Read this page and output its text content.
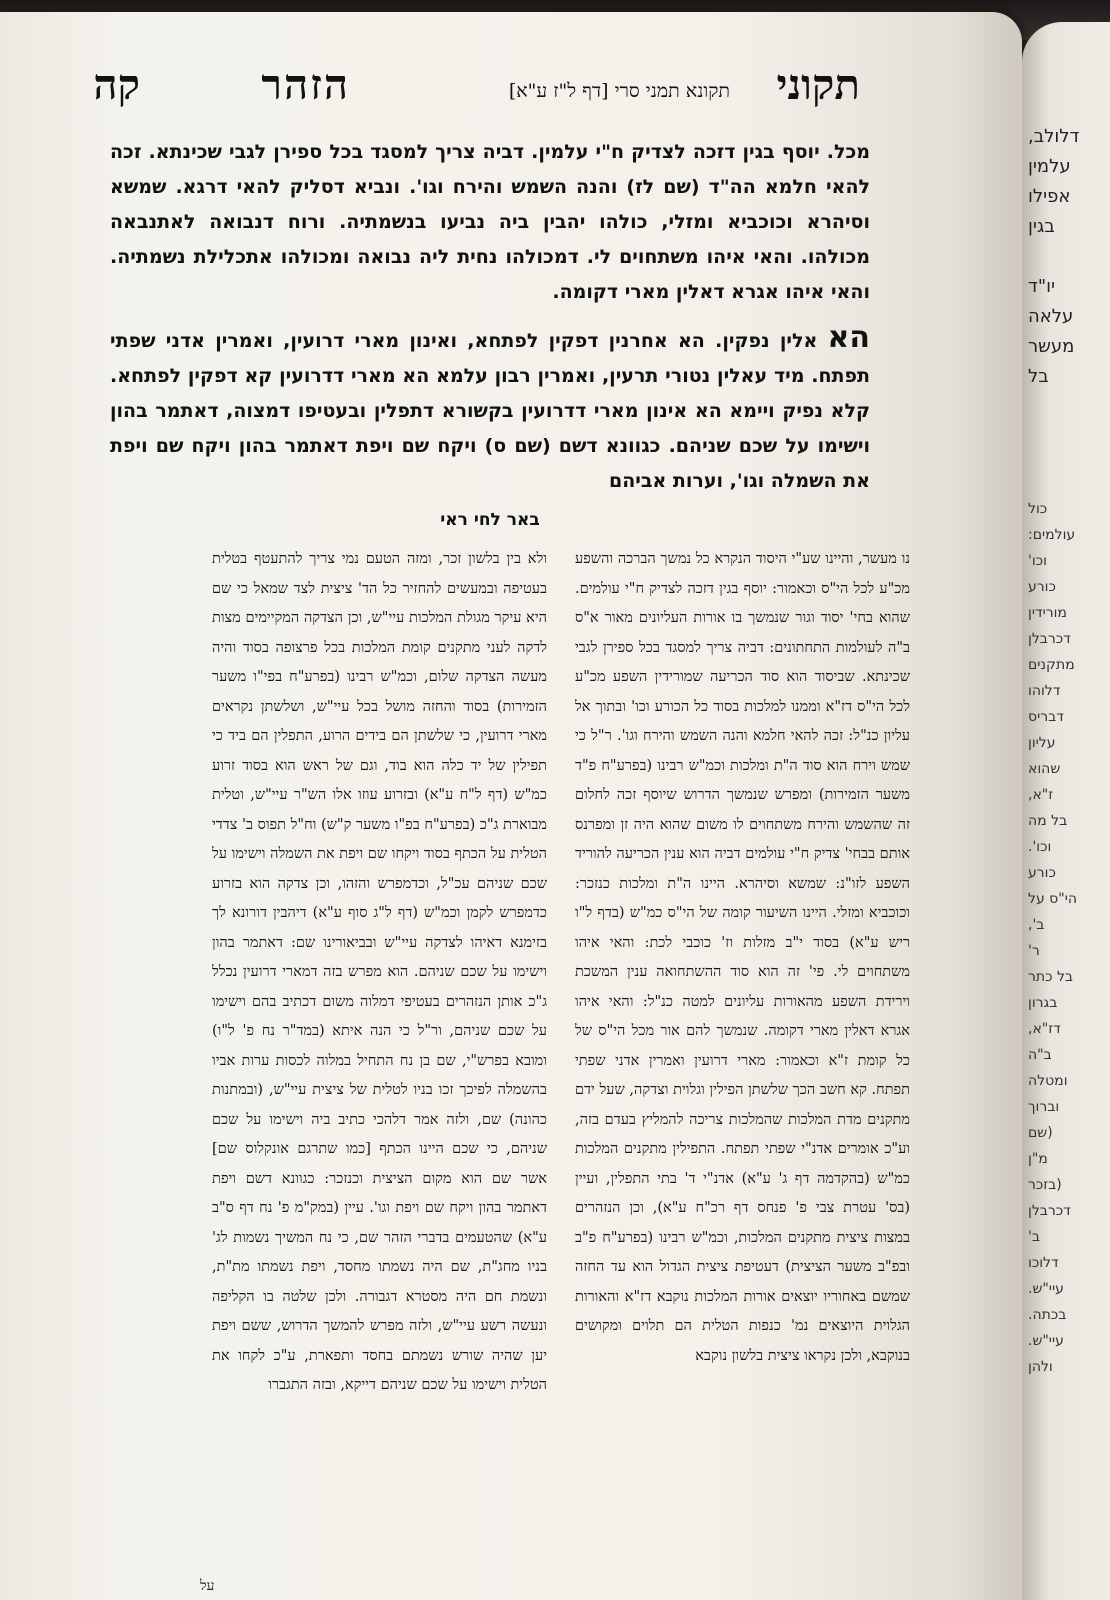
דלולב,
עלמין
אפילו
בגין
יו"ד
עלאה
מעשר
בל
כול
עולמים:
וכו'
כורע
מורידין
דכרבלן
מתקנים
דלוהו
דבריס
עליון
שהוא
ז"א,
בל מה
וכו'.
כורע
הי"ס על
ב',
ר'
בל כתר
בגרון
דז"א,
ב"ה
ומטלה
וברוך
(שם
מ"ן
(בזכר
דכרבלן
ב'
דלוכו
עיי"ש.
בכתה.
עיי"ש.
ולהן
תקוני
תקונא תמני סרי [דף ל"ז ע"א]
הזהר
קה

מכל. יוסף בגין דזכה לצדיק ח"י עלמין. דביה צריך למסגד בכל ספירן לגבי שכינתא. זכה להאי חלמא הה"ד (שם לז) והנה השמש והירח וגו'. ונביא דסליק להאי דרגא. שמשא וסיהרא וכוכביא ומזלי, כולהו יהבין ביה נביעו בנשמתיה. ורוח דנבואה לאתנבאה מכולהו. והאי איהו משתחוים לי. דמכולהו נחית ליה נבואה ומכולהו אתכלילת נשמתיה. והאי איהו אגרא דאלין מארי דקומה.

הא אלין נפקין. הא אחרנין דפקין לפתחא, ואינון מארי דרועין, ואמרין אדני שפתי תפתח. מיד עאלין נטורי תרעין, ואמרין רבון עלמא הא מארי דדרועין קא דפקין לפתחא. קלא נפיק ויימא הא אינון מארי דדרועין בקשורא דתפלין ובעטיפו דמצוה, דאתמר בהון וישימו על שכם שניהם. כגוונא דשם (שם ס) ויקח שם ויפת דאתמר בהון ויקח שם ויפת את השמלה וגו', וערות אביהם

באר לחי ראי

נו מעשר, והיינו שע"י היסוד הנקרא כל נמשך הברכה והשפע מכ"ע לכל הי"ס וכאמור: יוסף בגין דזכה לצדיק ח"י עולמים. שהוא בחי' יסוד וגור שנמשך בו אורות העליונים מאור א"ס ב"ה לעולמות התחתונים: דביה צריך למסגד בכל ספירן לגבי שכינתא. שביסוד הוא סוד הכריעה שמורידין השפע מכ"ע לכל הי"ס דז"א וממנו למלכות בסוד כל הכורע וכו' ובתוך אל עליון כנ"ל: זכה להאי חלמא והנה השמש והירח וגו'. ר"ל כי שמש וירח הוא סוד ה"ת ומלכות וכמ"ש רבינו (בפרע"ח פ"ד משער הזמירות) ומפרש שנמשך הדרוש שיוסף זכה לחלום זה שהשמש והירח משתחוים לו משום שהוא היה זן ומפרנס אותם בבחי' צדיק ח"י עולמים דביה הוא ענין הכריעה להוריד השפע לזו"נ: שמשא וסיהרא. היינו ה"ת ומלכות כנזכר: וכוכביא ומזלי. היינו השיעור קומה של הי"ס כמ"ש (בדף ל"ו ריש ע"א) בסוד י"ב מזלות וז' כוכבי לכת: והאי איהו משתחוים לי. פי' זה הוא סוד ההשתחואה ענין המשכת וירידת השפע מהאורות עליונים למטה כנ"ל: והאי איהו אגרא דאלין מארי דקומה. שנמשך להם אור מכל הי"ס של כל קומת ז"א וכאמור: מארי דרועין ואמרין אדני שפתי תפתח. קא חשב הכך שלשתן הפילין וגלוית וצדקה, שעל ידם מתקנים מדת המלכות שהמלכות צריכה להמליץ בעדם בזה, וע"כ אומרים אדנ"י שפתי תפתח. התפילין מתקנים המלכות כמ"ש (בהקדמה דף ג' ע"א) אדנ"י ד' בתי התפלין, ועיין (בס' עטרת צבי פ' פנחס דף רכ"ח ע"א), וכן הנזהרים במצות ציצית מתקנים המלכות, וכמ"ש רבינו (בפרע"ח פ"ב ובפ"ב משער הציצית) דעטיפת ציצית הגדול הוא עד החזה שמשם באחוריו יוצאים אורות המלכות נוקבא דז"א והאורות הגלוית היוצאים נמ' כנפות הטלית הם תלוים ומקושים בנוקבא, ולכן נקראו ציצית בלשון נוקבא

ולא בין בלשון זכר, ומזה הטעם נמי צריך להתעטף בטלית בעטיפה ובמעשים להחזיר כל הד' ציצית לצד שמאל כי שם היא עיקר מגולת המלכות עיי"ש, וכן הצדקה המקיימים מצות לדקה לעני מתקנים קומת המלכות בכל פרצופה בסוד והיה מעשה הצדקה שלום, וכמ"ש רבינו (בפרע"ח בפי"ו משער הזמירות) בסוד והחזה מושל בכל עיי"ש, ושלשתן נקראים מארי דרועין, כי שלשתן הם בידים הרוע, התפלין הם ביד כי תפילין של יד כלה הוא בוד, וגם של ראש הוא בסוד זרוע כמ"ש (דף ל"ח ע"א) ובזרוע עוזו אלו הש"ר עיי"ש, וטלית מבוארת ג"כ (בפרע"ח בפ"ו משער ק"ש) וח"ל תפוס ב' צדדי הטלית על הכתף בסוד ויקחו שם ויפת את השמלה וישימו על שכם שניהם עכ"ל, וכדמפרש והזהו, וכן צדקה הוא בזרוע כדמפרש לקמן וכמ"ש (דף ל"ג סוף ע"א) דיהבין דורונא לך בזימנא דאיהו לצדקה עיי"ש ובביאורינו שם: דאתמר בהון וישימו על שכם שניהם. הוא מפרש בזה דמארי דרועין נכלל ג"כ אותן הנזהרים בעטיפי דמלוה משום דכתיב בהם וישימו על שכם שניהם, ור"ל כי הנה איתא (במד"ר נח פ' ל"ו) ומובא בפרש"י, שם בן נח התחיל במלוה לכסות ערות אביו בהשמלה לפיכך זכו בניו לטלית של ציצית עיי"ש, (ובמתנות כהונה) שם, ולזה אמר דלהכי כתיב ביה וישימו על שכם שניהם, כי שכם היינו הכתף [כמו שתרגם אונקלוס שם] אשר שם הוא מקום הציצית וכנזכר: כגוונא דשם ויפת דאתמר בהון ויקח שם ויפת וגו'. עיין (במק"מ פ' נח דף ס"ב ע"א) שהטעמים בדברי הזהר שם, כי נח המשיך נשמות לג' בניו מחג"ת, שם היה נשמתו מחסד, ויפת נשמתו מת"ת, ונשמת חם היה מסטרא דגבורה. ולכן שלטה בו הקליפה ונעשה רשע עיי"ש, ולזה מפרש להמשך הדרוש, ששם ויפת יען שהיה שורש נשמתם בחסד ותפארת, ע"כ לקחו את הטלית וישימו על שכם שניהם דייקא, ובזה התגברו

על
